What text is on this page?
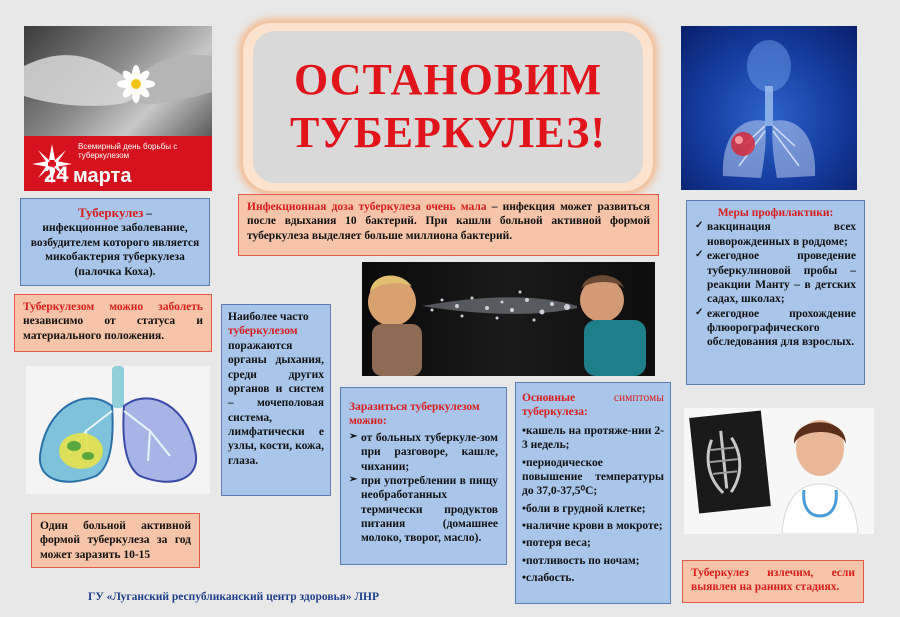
Всемирный день борьбы с туберкулезом
24 марта
ОСТАНОВИМ
ТУБЕРКУЛЕЗ!
Туберкулез –
инфекционное заболевание, возбудителем которого является микобактерия туберкулеза (палочка Коха).
Инфекционная доза туберкулеза очень мала – инфекция может развиться после вдыхания 10 бактерий. При кашли больной активной формой туберкулеза выделяет больше миллиона бактерий.
Меры профилактики:
✓ вакцинация всех новорожденных в роддоме;
✓ ежегодное проведение туберкулиновой пробы – реакции Манту – в детских садах, школах;
✓ ежегодное прохождение флюорографического обследования для взрослых.
Туберкулезом можно заболеть независимо от статуса и материального положения.
Наиболее часто
туберкулезом
поражаются органы дыхания, среди других органов и систем – мочеполовая система, лимфатически е узлы, кости, кожа, глаза.
Заразиться туберкулезом можно:
➢ от больных туберкуле-зом при разговоре, кашле, чихании;
➢ при употреблении в пищу необработанных термически продуктов питания (домашнее молоко, творог, масло).
Основные	симптомы
туберкулеза:
•кашель на протяже-нии 2-3 недель;
•периодическое повышение температуры до 37,0-37,5⁰С;
•боли в грудной клетке;
•наличие крови в мокроте;
•потеря веса;
•потливость по ночам;
•слабость.
Один больной активной формой туберкулеза за год может заразить 10-15
Туберкулез излечим, если выявлен на ранних стадиях.
ГУ «Луганский республиканский центр здоровья» ЛНР
